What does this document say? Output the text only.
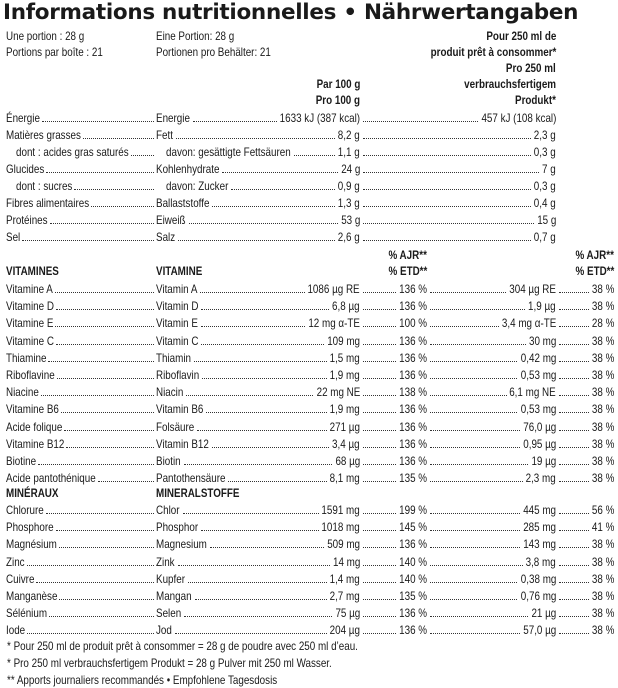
Informations nutritionnelles • Nährwertangaben
Une portion : 28 g
Portions par boîte : 21
Eine Portion: 28 g
Portionen pro Behälter: 21
Pour 250 ml de
produit prêt à consommer*
Pro 250 ml
verbrauchsfertigem
Produkt*
Par 100 g
Pro 100 g
Énergie	Energie	1633 kJ (387 kcal)	457 kJ (108 kcal)
Matières grasses	Fett	8,2 g	2,3 g
dont : acides gras saturés	davon: gesättigte Fettsäuren	1,1 g	0,3 g
Glucides	Kohlenhydrate	24 g	7 g
dont : sucres	davon: Zucker	0,9 g	0,3 g
Fibres alimentaires	Ballaststoffe	1,3 g	0,4 g
Protéines	Eiweiß	53 g	15 g
Sel	Salz	2,6 g	0,7 g
% AJR**
% ETD**
% AJR**
% ETD**
VITAMINES	VITAMINE
Vitamine A	Vitamin A	1086 µg RE	136 %	304 µg RE	38 %
Vitamine D	Vitamin D	6,8 µg	136 %	1,9 µg	38 %
Vitamine E	Vitamin E	12 mg α-TE	100 %	3,4 mg α-TE	28 %
Vitamine C	Vitamin C	109 mg	136 %	30 mg	38 %
Thiamine	Thiamin	1,5 mg	136 %	0,42 mg	38 %
Riboflavine	Riboflavin	1,9 mg	136 %	0,53 mg	38 %
Niacine	Niacin	22 mg NE	138 %	6,1 mg NE	38 %
Vitamine B6	Vitamin B6	1,9 mg	136 %	0,53 mg	38 %
Acide folique	Folsäure	271 µg	136 %	76,0 µg	38 %
Vitamine B12	Vitamin B12	3,4 µg	136 %	0,95 µg	38 %
Biotine	Biotin	68 µg	136 %	19 µg	38 %
Acide pantothénique	Pantothensäure	8,1 mg	135 %	2,3 mg	38 %
MINÉRAUX	MINERALSTOFFE
Chlorure	Chlor	1591 mg	199 %	445 mg	56 %
Phosphore	Phosphor	1018 mg	145 %	285 mg	41 %
Magnésium	Magnesium	509 mg	136 %	143 mg	38 %
Zinc	Zink	14 mg	140 %	3,8 mg	38 %
Cuivre	Kupfer	1,4 mg	140 %	0,38 mg	38 %
Manganèse	Mangan	2,7 mg	135 %	0,76 mg	38 %
Sélénium	Selen	75 µg	136 %	21 µg	38 %
Iode	Jod	204 µg	136 %	57,0 µg	38 %
* Pour 250 ml de produit prêt à consommer = 28 g de poudre avec 250 ml d’eau.
* Pro 250 ml verbrauchsfertigem Produkt = 28 g Pulver mit 250 ml Wasser.
** Apports journaliers recommandés • Empfohlene Tagesdosis
